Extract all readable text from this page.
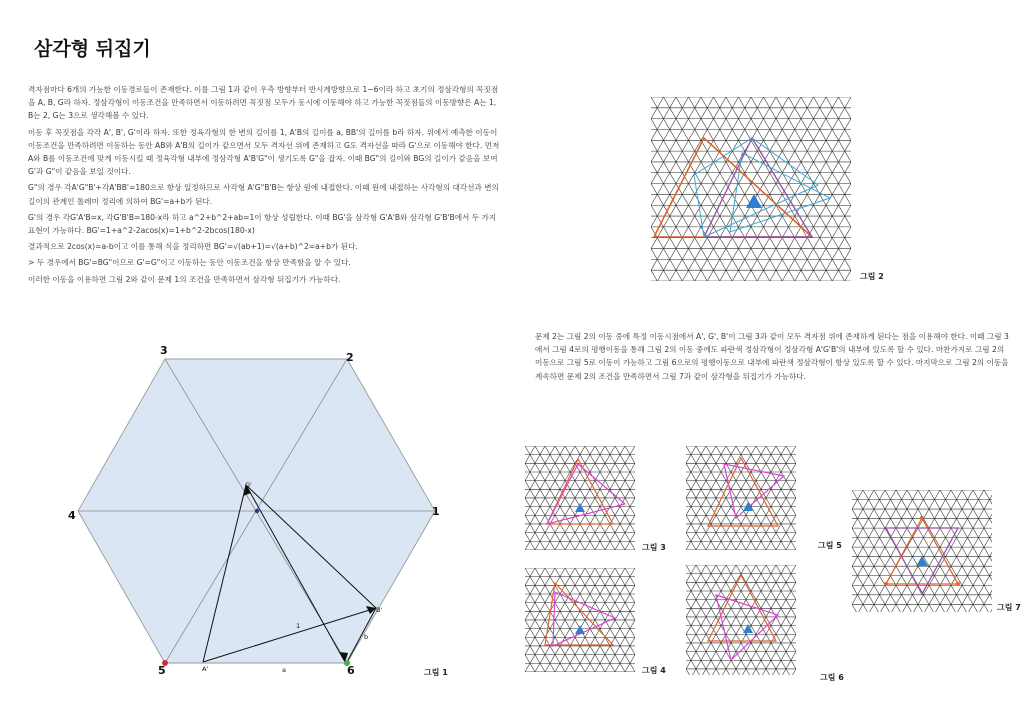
삼각형 뒤집기

격자점마다 6개의 가능한 이동경로들이 존재한다. 이를 그림 1과 같이 우측 방향부터 반시계방향으로 1~6이라 하고 초기의 정삼각형의 꼭짓점을 A, B, G라 하자. 정삼각형이 이동조건을 만족하면서 이동하려면 꼭짓점 모두가 동시에 이동해야 하고 가능한 꼭짓점들의 이동방향은 A는 1, B는 2, G는 3으로 생각해볼 수 있다.

이동 후 꼭짓점을 각각 A', B', G'이라 하자. 또한 정육각형의 한 변의 길이를 1, A'B의 길이를 a, BB'의 길이를 b라 하자. 위에서 예측한 이동이 이동조건을 만족하려면 이동하는 동안 AB와 A'B의 길이가 같으면서 모두 격자선 위에 존재하고 G도 격자선을 따라 G'으로 이동해야 한다. 먼저 A와 B를 이동조건에 맞게 이동시킬 때 정육각형 내부에 정삼각형 A'B'G"이 생기도록 G"을 잡자. 이때 BG"의 길이와 BG의 길이가 같음을 보여 G'과 G"이 같음을 보일 것이다.

G"의 경우 각A'G"B'+각A'BB'=180으로 항상 일정하므로 사각형 A'G"B'B는 항상 원에 내접한다. 이때 원에 내접하는 사각형의 대각선과 변의 길이의 관계인 톨레미 정리에 의하여 BG'=a+b가 된다.

G'의 경우 각G'A'B=x, 각G'B'B=180-x라 하고 a^2+b^2+ab=1이 항상 성립한다. 이때 BG'을 삼각형 G'A'B와 삼각형 G'B'B에서 두 가지 표현이 가능하다. BG'=1+a^2-2acos(x)=1+b^2-2bcos(180-x)

결과적으로 2cos(x)=a-b이고 이를 통해 식을 정리하면 BG'=√(ab+1)=√(a+b)^2=a+b가 된다.

> 두 경우에서 BG'=BG"이므로 G'=G"이고 이동하는 동안 이동조건을 항상 만족함을 알 수 있다.

이러한 이동을 이용하면 그림 2와 같이 문제 1의 조건을 만족하면서 삼각형 뒤집기가 가능하다.

문제 2는 그림 2의 이동 중에 특정 이동시점에서 A', G', B'이 그림 3과 같이 모두 격자점 위에 존재하게 된다는 점을 이용해야 한다. 이때 그림 3에서 그림 4로의 평행이동을 통해 그림 2의 이동 중에도 파란색 정삼각형이 정삼각형 A'G'B'의 내부에 있도록 할 수 있다. 마찬가지로 그림 2의 이동으로 그림 5로 이동이 가능하고 그림 6으로의 평행이동으로 내부에 파란색 정삼각형이 항상 있도록 할 수 있다. 마지막으로 그림 2의 이동을 계속하면 문제 2의 조건을 만족하면서 그림 7과 같이 삼각형을 뒤집기가 가능하다.

3
2
4	1
5	6
G'
B'
A'
1
a
b
그림 1
그림 2
그림 3
그림 4
그림 5
그림 6
그림 7
